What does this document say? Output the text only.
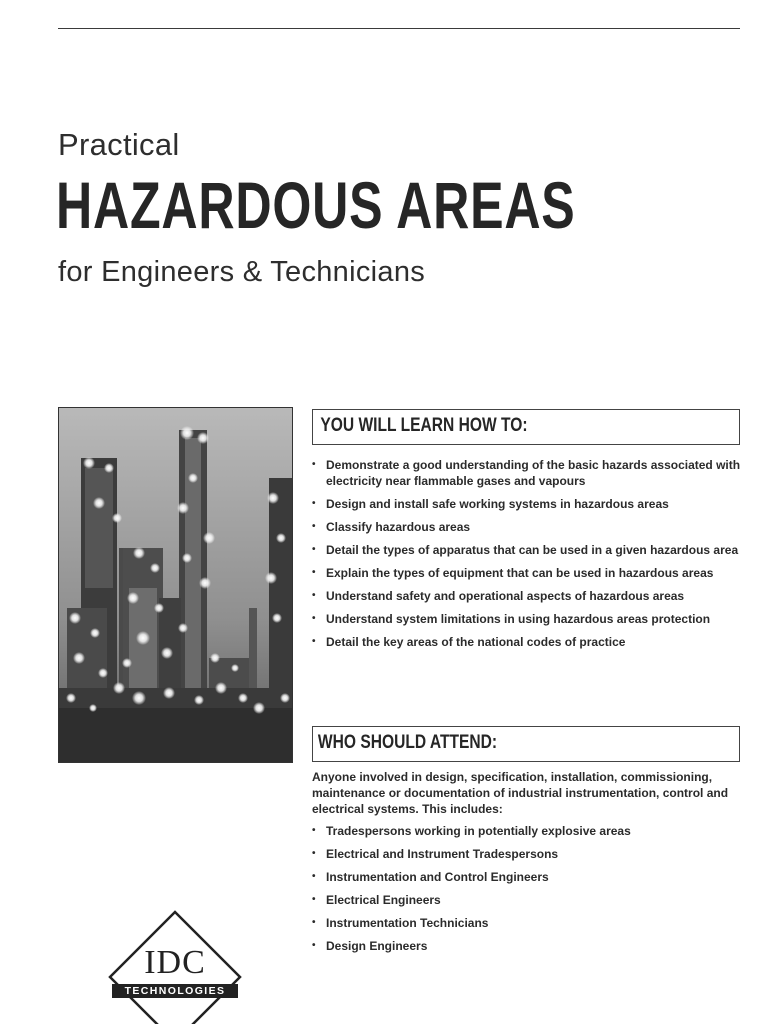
Practical
HAZARDOUS AREAS
for Engineers & Technicians
YOU WILL LEARN HOW TO:
• Demonstrate a good understanding of the basic hazards associated with electricity near flammable gases and vapours
• Design and install safe working systems in hazardous areas
• Classify hazardous areas
• Detail the types of apparatus that can be used in a given hazardous area
• Explain the types of equipment that can be used in hazardous areas
• Understand safety and operational aspects of hazardous areas
• Understand system limitations in using hazardous areas protection
• Detail the key areas of the national codes of practice
WHO SHOULD ATTEND:
Anyone involved in design, specification, installation, commissioning, maintenance or documentation of industrial instrumentation, control and electrical systems. This includes:
• Tradespersons working in potentially explosive areas
• Electrical and Instrument Tradespersons
• Instrumentation and Control Engineers
• Electrical Engineers
• Instrumentation Technicians
• Design Engineers
IDC
TECHNOLOGIES
